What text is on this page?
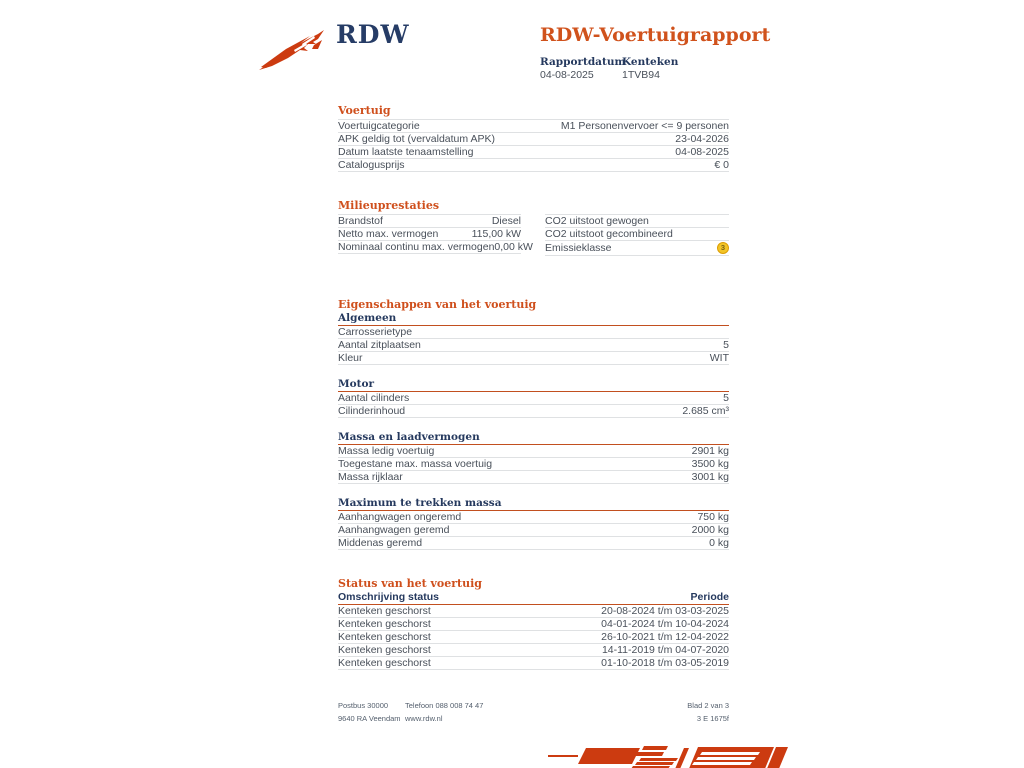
RDW	RDW-Voertuigrapport
Rapportdatum
04-08-2025
Kenteken
1TVB94
Voertuig
Voertuigcategorie	M1 Personenvervoer <= 9 personen
APK geldig tot (vervaldatum APK)	23-04-2026
Datum laatste tenaamstelling	04-08-2025
Catalogusprijs	€ 0
Milieuprestaties
Brandstof	Diesel
Netto max. vermogen	115,00 kW
Nominaal continu max. vermogen 0,00 kW
CO2 uitstoot gewogen
CO2 uitstoot gecombineerd
Emissieklasse	3
Eigenschappen van het voertuig
Algemeen
Carrosserietype
Aantal zitplaatsen	5
Kleur	WIT
Motor
Aantal cilinders	5
Cilinderinhoud	2.685 cm³
Massa en laadvermogen
Massa ledig voertuig	2901 kg
Toegestane max. massa voertuig	3500 kg
Massa rijklaar	3001 kg
Maximum te trekken massa
Aanhangwagen ongeremd	750 kg
Aanhangwagen geremd	2000 kg
Middenas geremd	0 kg
Status van het voertuig
Omschrijving status	Periode
Kenteken geschorst	20-08-2024 t/m 03-03-2025
Kenteken geschorst	04-01-2024 t/m 10-04-2024
Kenteken geschorst	26-10-2021 t/m 12-04-2022
Kenteken geschorst	14-11-2019 t/m 04-07-2020
Kenteken geschorst	01-10-2018 t/m 03-05-2019
Postbus 30000 Telefoon 088 008 74 47	Blad 2 van 3
9640 RA Veendam www.rdw.nl	3 E 1675f
